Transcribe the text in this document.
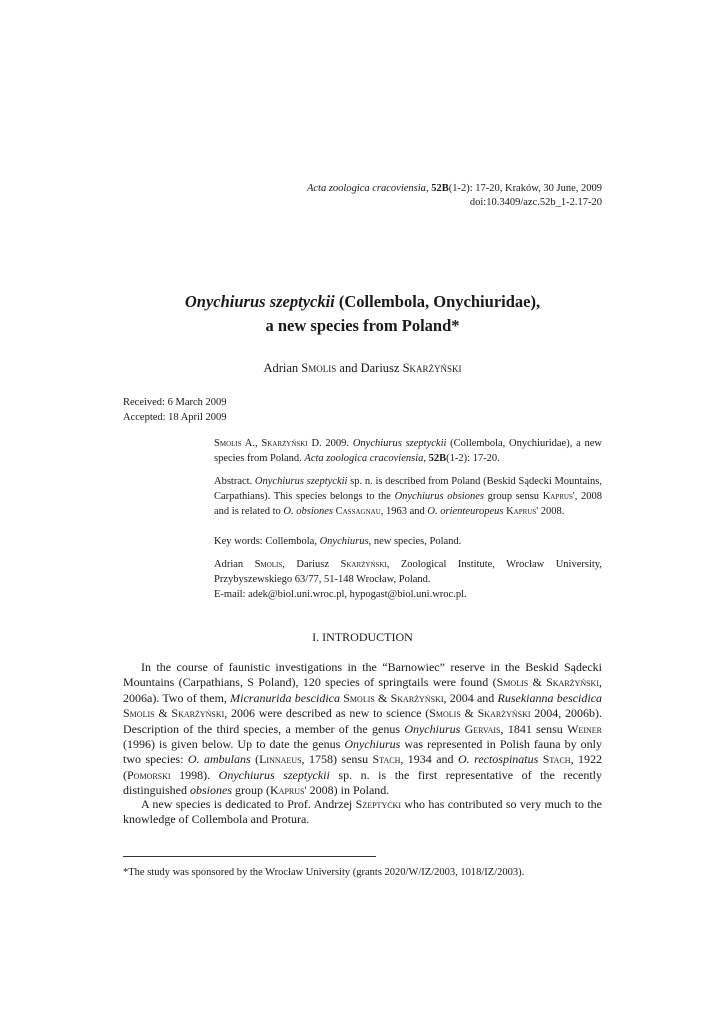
Acta zoologica cracoviensia, 52B(1-2): 17-20, Kraków, 30 June, 2009
doi:10.3409/azc.52b_1-2.17-20
Onychiurus szeptyckii (Collembola, Onychiuridae),
a new species from Poland*
Adrian Smolis and Dariusz Skarżyński
Received: 6 March 2009
Accepted: 18 April 2009
Smolis A., Skarżyński D. 2009. Onychiurus szeptyckii (Collembola, Onychiuridae), a new species from Poland. Acta zoologica cracoviensia, 52B(1-2): 17-20.
Abstract. Onychiurus szeptyckii sp. n. is described from Poland (Beskid Sądecki Mountains, Carpathians). This species belongs to the Onychiurus obsiones group sensu Kaprus', 2008 and is related to O. obsiones Cassagnau, 1963 and O. orienteuropeus Kaprus' 2008.
Key words: Collembola, Onychiurus, new species, Poland.
Adrian Smolis, Dariusz Skarżyński, Zoological Institute, Wrocław University, Przybyszewskiego 63/77, 51-148 Wrocław, Poland.
E-mail: adek@biol.uni.wroc.pl, hypogast@biol.uni.wroc.pl.
I. INTRODUCTION
In the course of faunistic investigations in the “Barnowiec” reserve in the Beskid Sądecki Mountains (Carpathians, S Poland), 120 species of springtails were found (Smolis & Skarżyński, 2006a). Two of them, Micranurida bescidica Smolis & Skarżyński, 2004 and Rusekianna bescidica Smolis & Skarżyński, 2006 were described as new to science (Smolis & Skarżyński 2004, 2006b). Description of the third species, a member of the genus Onychiurus Gervais, 1841 sensu Weiner (1996) is given below. Up to date the genus Onychiurus was represented in Polish fauna by only two species: O. ambulans (Linnaeus, 1758) sensu Stach, 1934 and O. rectospinatus Stach, 1922 (Pomorski 1998). Onychiurus szeptyckii sp. n. is the first representative of the recently distinguished obsiones group (Kaprus' 2008) in Poland.
A new species is dedicated to Prof. Andrzej Szeptycki who has contributed so very much to the knowledge of Collembola and Protura.
*The study was sponsored by the Wrocław University (grants 2020/W/IZ/2003, 1018/IZ/2003).
